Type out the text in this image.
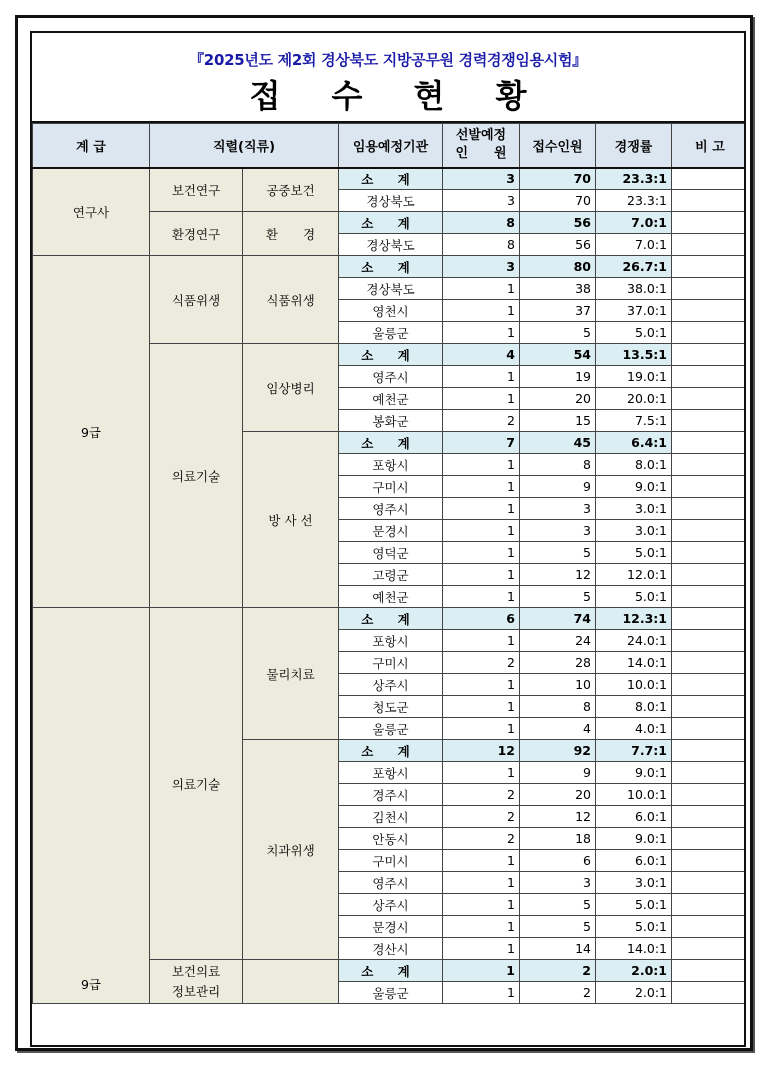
『2025년도 제2회 경상북도 지방공무원 경력경쟁임용시험』
접 수 현 황
계 급	직렬(직류)		임용예정기관	선발예정
인　　원	접수인원	경쟁률	비 고
연구사	보건연구	공중보건	소 계	3	70	23.3:1	
			경상북도	3	70	23.3:1	
	환경연구	환　　경	소 계	8	56	7.0:1	
			경상북도	8	56	7.0:1	
9급	식품위생	식품위생	소 계	3	80	26.7:1	
			경상북도	1	38	38.0:1	
			영천시	1	37	37.0:1	
			울릉군	1	5	5.0:1	
	의료기술	임상병리	소 계	4	54	13.5:1	
			영주시	1	19	19.0:1	
			예천군	1	20	20.0:1	
			봉화군	2	15	7.5:1	
		방 사 선	소 계	7	45	6.4:1	
			포항시	1	8	8.0:1	
			구미시	1	9	9.0:1	
			영주시	1	3	3.0:1	
			문경시	1	3	3.0:1	
			영덕군	1	5	5.0:1	
			고령군	1	12	12.0:1	
			예천군	1	5	5.0:1	
9급	의료기술	물리치료	소 계	6	74	12.3:1	
			포항시	1	24	24.0:1	
			구미시	2	28	14.0:1	
			상주시	1	10	10.0:1	
			청도군	1	8	8.0:1	
			울릉군	1	4	4.0:1	
		치과위생	소 계	12	92	7.7:1	
			포항시	1	9	9.0:1	
			경주시	2	20	10.0:1	
			김천시	2	12	6.0:1	
			안동시	2	18	9.0:1	
			구미시	1	6	6.0:1	
			영주시	1	3	3.0:1	
			상주시	1	5	5.0:1	
			문경시	1	5	5.0:1	
			경산시	1	14	14.0:1	
	보건의료
정보관리		소 계	1	2	2.0:1	
			울릉군	1	2	2.0:1	
